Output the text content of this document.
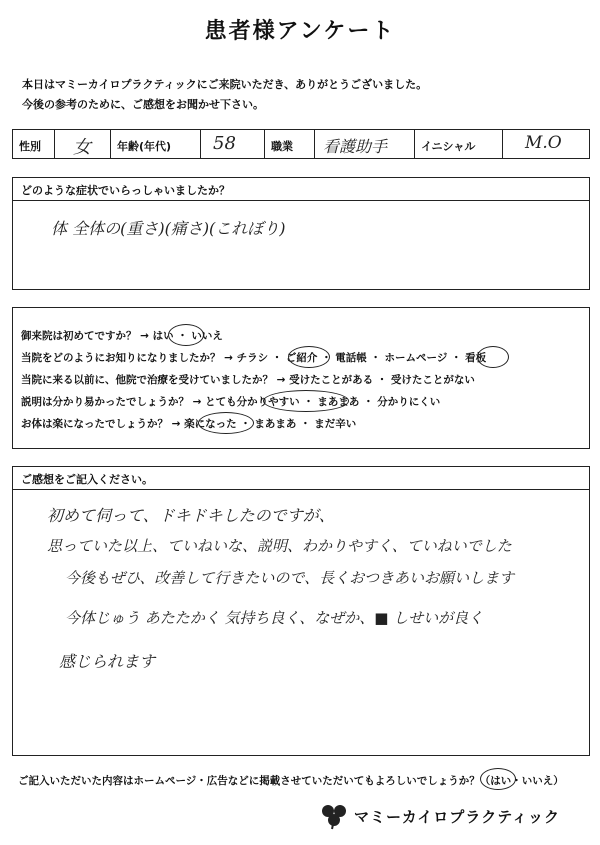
患者様アンケート
本日はマミーカイロプラクティックにご来院いただき、ありがとうございました。
今後の参考のために、ご感想をお聞かせ下さい。
性別 女 年齢(年代) 58	職業 看護助手	イニシャル	M.O
どのような症状でいらっしゃいましたか？
体 全体の(重さ)(痛さ)(これぼり)
御来院は初めてですか？ → はい ・ いいえ
当院をどのようにお知りになりましたか？ → チラシ ・ ご紹介 ・ 電話帳 ・ ホームページ ・ 看板
当院に来る以前に、他院で治療を受けていましたか？ → 受けたことがある ・ 受けたことがない
説明は分かり易かったでしょうか？ → とても分かりやすい ・ まあまあ ・ 分かりにくい
お体は楽になったでしょうか？ → 楽になった ・ まあまあ ・ まだ辛い
ご感想をご記入ください。
初めて伺って、ドキドキしたのですが、
思っていた以上、ていねいな、説明、わかりやすく、ていねいでした
今後もぜひ、改善して行きたいので、長くおつきあいお願いします
今体じゅう あたたかく 気持ち良く、なぜか、■ しせいが良く
感じられます
ご記入いただいた内容はホームページ・広告などに掲載させていただいてもよろしいでしょうか？（はい・いいえ）
マミーカイロプラクティック
